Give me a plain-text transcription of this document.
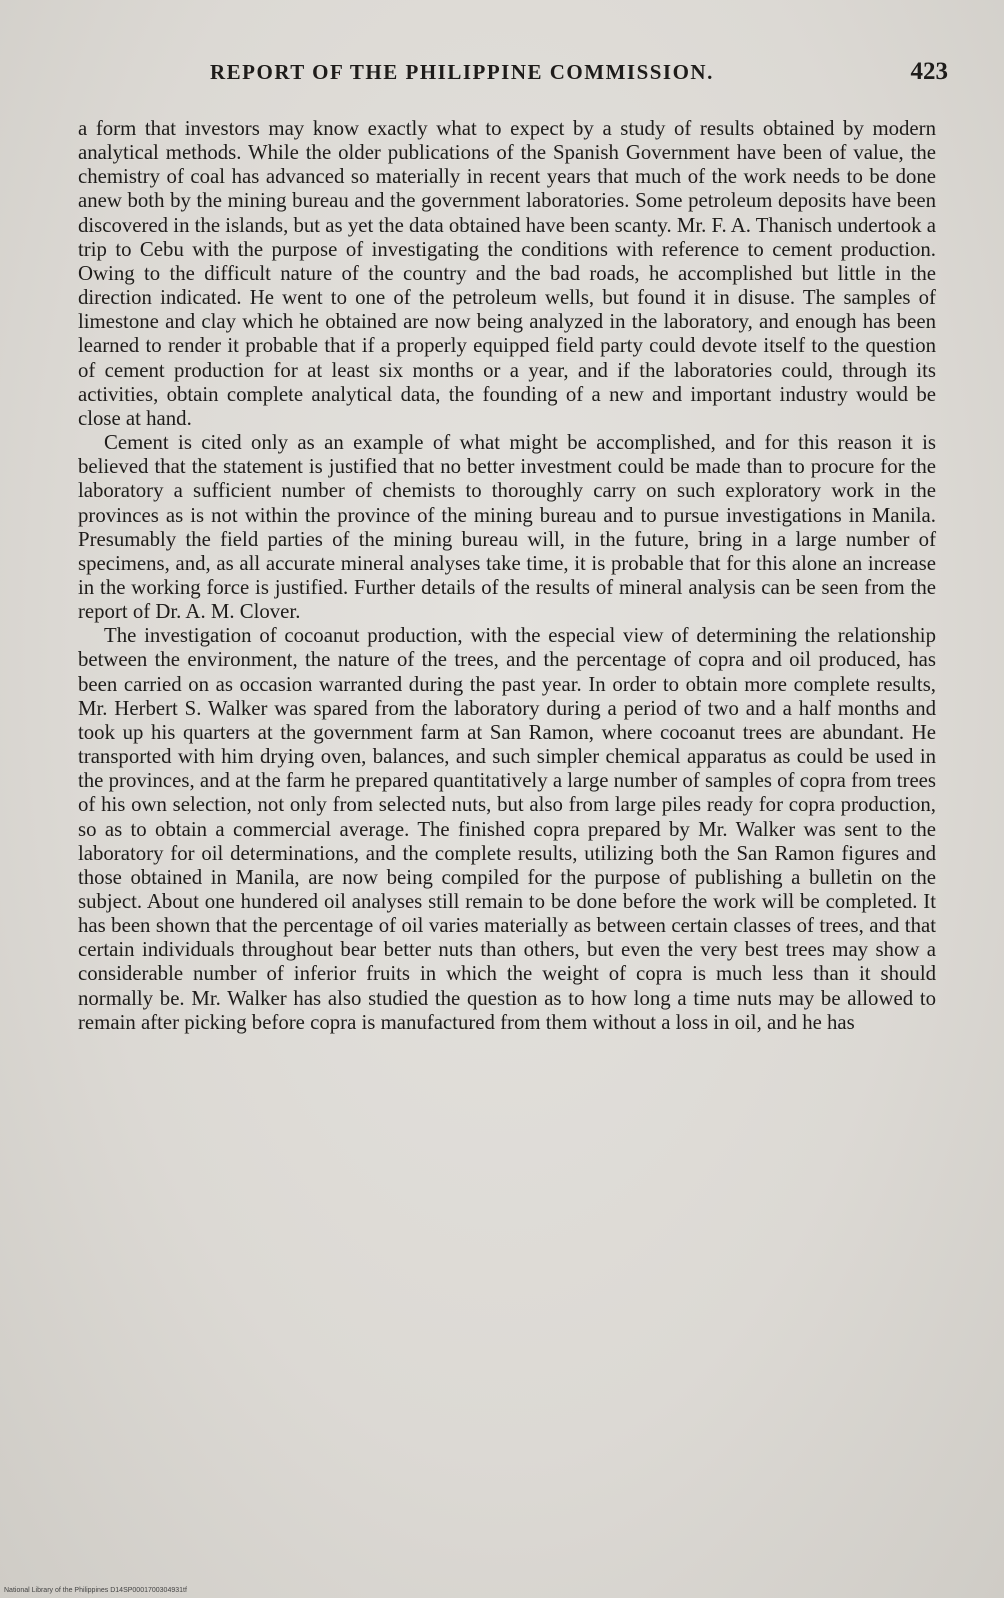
REPORT OF THE PHILIPPINE COMMISSION.	423

a form that investors may know exactly what to expect by a study of results obtained by modern analytical methods. While the older publications of the Spanish Government have been of value, the chemistry of coal has advanced so materially in recent years that much of the work needs to be done anew both by the mining bureau and the government laboratories. Some petroleum deposits have been discovered in the islands, but as yet the data obtained have been scanty. Mr. F. A. Thanisch undertook a trip to Cebu with the purpose of investigating the conditions with reference to cement production. Owing to the difficult nature of the country and the bad roads, he accomplished but little in the direction indicated. He went to one of the petroleum wells, but found it in disuse. The samples of limestone and clay which he obtained are now being analyzed in the laboratory, and enough has been learned to render it probable that if a properly equipped field party could devote itself to the question of cement production for at least six months or a year, and if the laboratories could, through its activities, obtain complete analytical data, the founding of a new and important industry would be close at hand.

Cement is cited only as an example of what might be accomplished, and for this reason it is believed that the statement is justified that no better investment could be made than to procure for the laboratory a sufficient number of chemists to thoroughly carry on such exploratory work in the provinces as is not within the province of the mining bureau and to pursue investigations in Manila. Presumably the field parties of the mining bureau will, in the future, bring in a large number of specimens, and, as all accurate mineral analyses take time, it is probable that for this alone an increase in the working force is justified. Further details of the results of mineral analysis can be seen from the report of Dr. A. M. Clover.

The investigation of cocoanut production, with the especial view of determining the relationship between the environment, the nature of the trees, and the percentage of copra and oil produced, has been carried on as occasion warranted during the past year. In order to obtain more complete results, Mr. Herbert S. Walker was spared from the laboratory during a period of two and a half months and took up his quarters at the government farm at San Ramon, where cocoanut trees are abundant. He transported with him drying oven, balances, and such simpler chemical apparatus as could be used in the provinces, and at the farm he prepared quantitatively a large number of samples of copra from trees of his own selection, not only from selected nuts, but also from large piles ready for copra production, so as to obtain a commercial average. The finished copra prepared by Mr. Walker was sent to the laboratory for oil determinations, and the complete results, utilizing both the San Ramon figures and those obtained in Manila, are now being compiled for the purpose of publishing a bulletin on the subject. About one hundered oil analyses still remain to be done before the work will be completed. It has been shown that the percentage of oil varies materially as between certain classes of trees, and that certain individuals throughout bear better nuts than others, but even the very best trees may show a considerable number of inferior fruits in which the weight of copra is much less than it should normally be. Mr. Walker has also studied the question as to how long a time nuts may be allowed to remain after picking before copra is manufactured from them without a loss in oil, and he has

National Library of the Philippines D14SP0001700304931tf
